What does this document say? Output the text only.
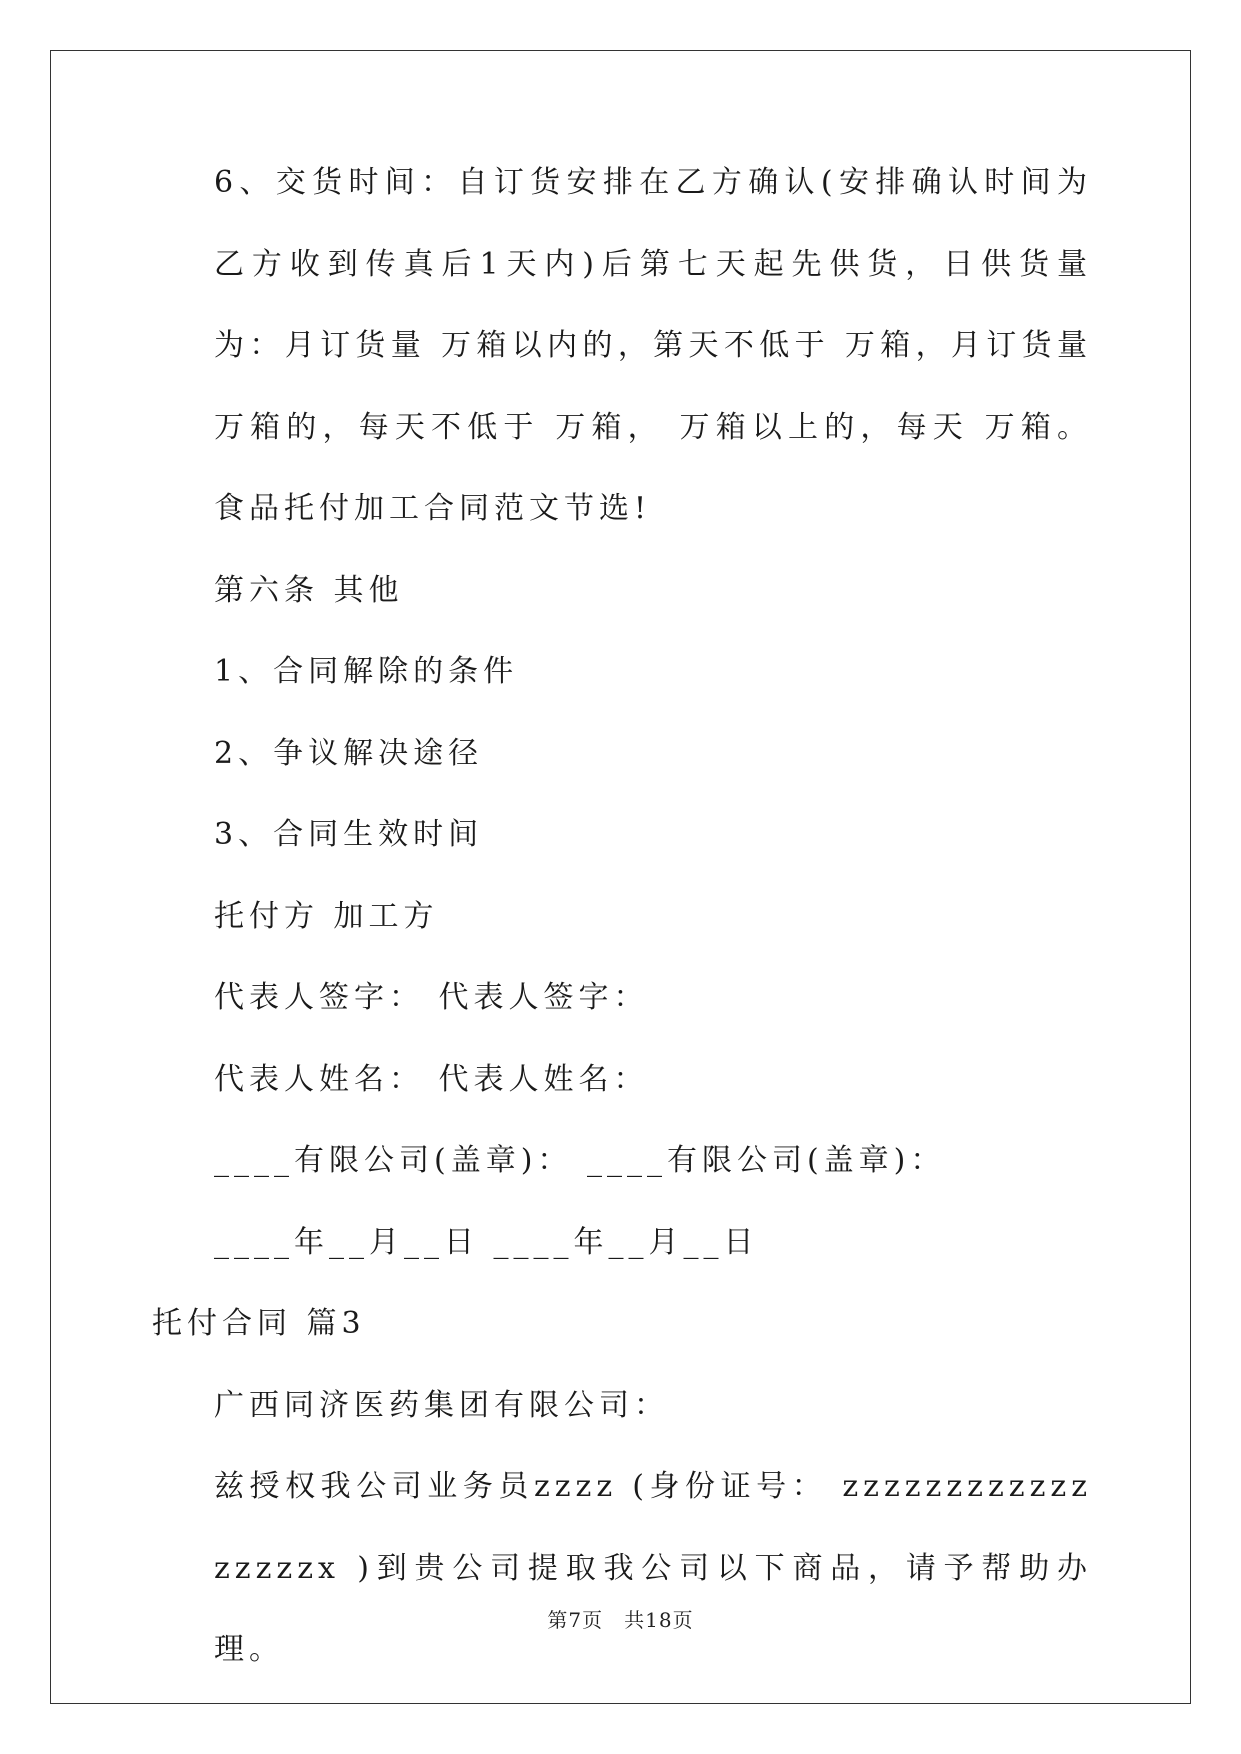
6、交货时间：自订货安排在乙方确认(安排确认时间为乙方收到传真后1天内)后第七天起先供货，日供货量为：月订货量 万箱以内的，第天不低于 万箱，月订货量 万箱的，每天不低于 万箱， 万箱以上的，每天 万箱。食品托付加工合同范文节选!

第六条 其他

1、合同解除的条件

2、争议解决途径

3、合同生效时间

托付方 加工方

代表人签字： 代表人签字：

代表人姓名： 代表人姓名：

____有限公司(盖章)： ____有限公司(盖章)：

____年__月__日 ____年__月__日

托付合同 篇3

广西同济医药集团有限公司：

兹授权我公司业务员zzzz (身份证号： zzzzzzzzzzzzzzzzzx )到贵公司提取我公司以下商品，请予帮助办理。

第7页　共18页
